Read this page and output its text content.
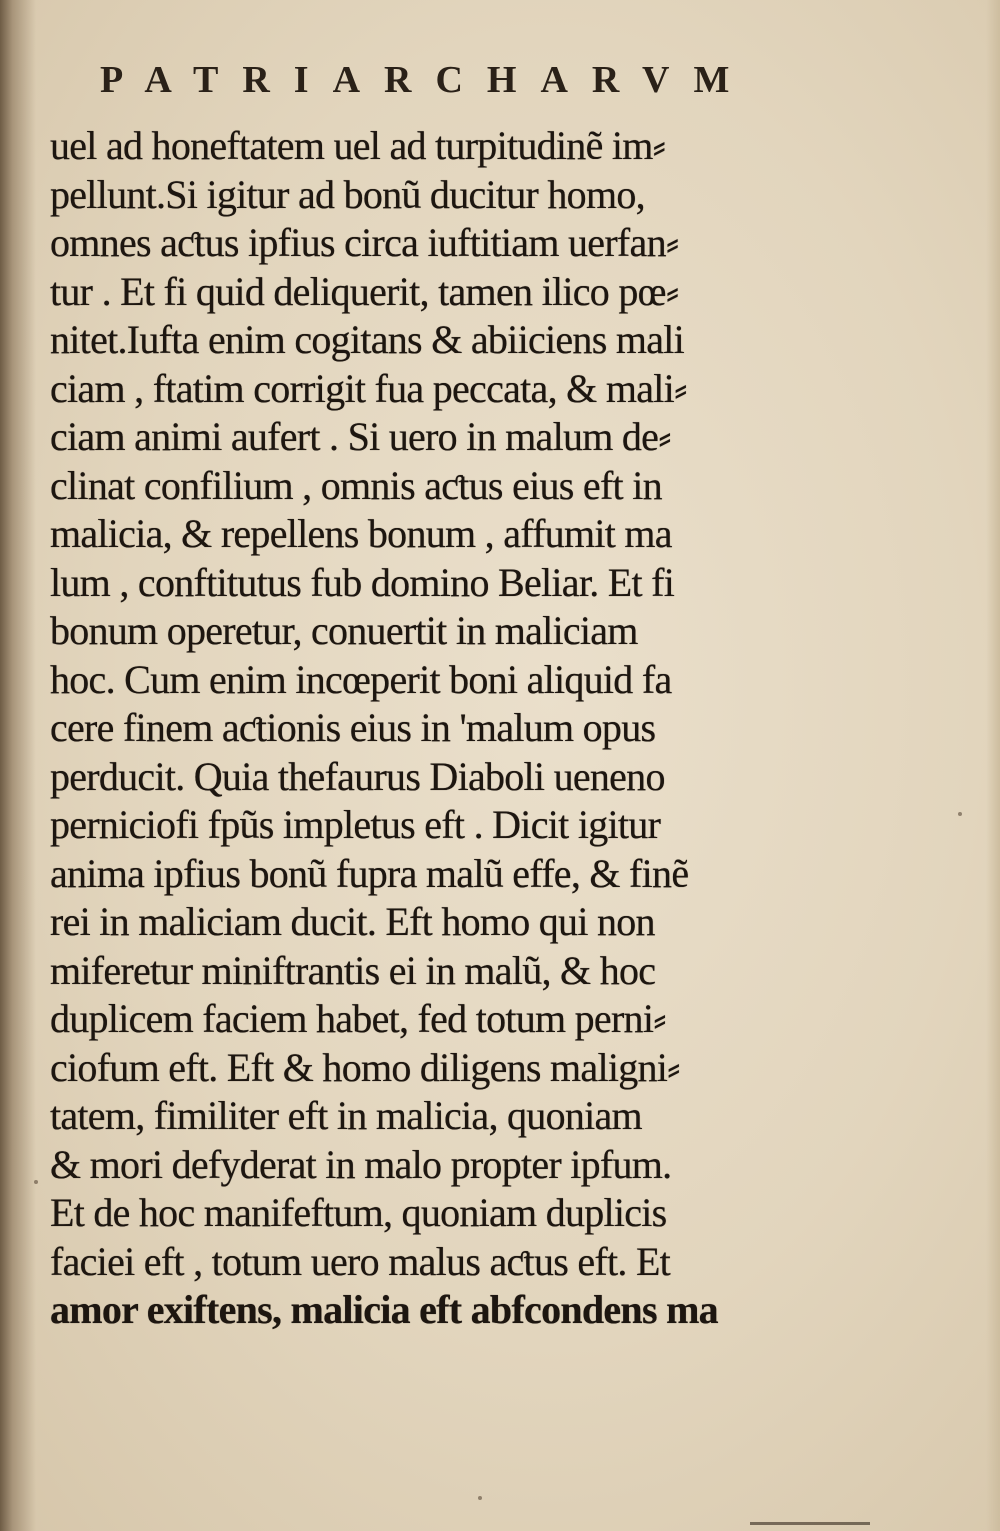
PATRIARCHARVM
uel ad honeftatem uel ad turpitudinẽ im⸗
pellunt.Si igitur ad bonũ ducitur homo,
omnes aƈtus ipfius circa iuftitiam uerfan⸗
tur . Et fi quid deliquerit, tamen ilico pœ⸗
nitet.Iufta enim cogitans & abiiciens mali
ciam , ftatim corrigit fua peccata, & mali⸗
ciam animi aufert . Si uero in malum de⸗
clinat confilium , omnis aƈtus eius eft in
malicia, & repellens bonum , affumit ma
lum , conftitutus fub domino Beliar. Et fi
bonum operetur, conuertit in maliciam
hoc. Cum enim incœperit boni aliquid fa
cere finem aƈtionis eius in 'malum opus
perducit. Quia thefaurus Diaboli ueneno
perniciofi fpũs impletus eft . Dicit igitur
anima ipfius bonũ fupra malũ effe, & finẽ
rei in maliciam ducit. Eft homo qui non
miferetur miniftrantis ei in malũ, & hoc
duplicem faciem habet, fed totum perni⸗
ciofum eft. Eft & homo diligens maligni⸗
tatem, fimiliter eft in malicia, quoniam
& mori defyderat in malo propter ipfum.
Et de hoc manifeftum, quoniam duplicis
faciei eft , totum uero malus aƈtus eft. Et
amor exiftens, malicia eft abfcondens ma
